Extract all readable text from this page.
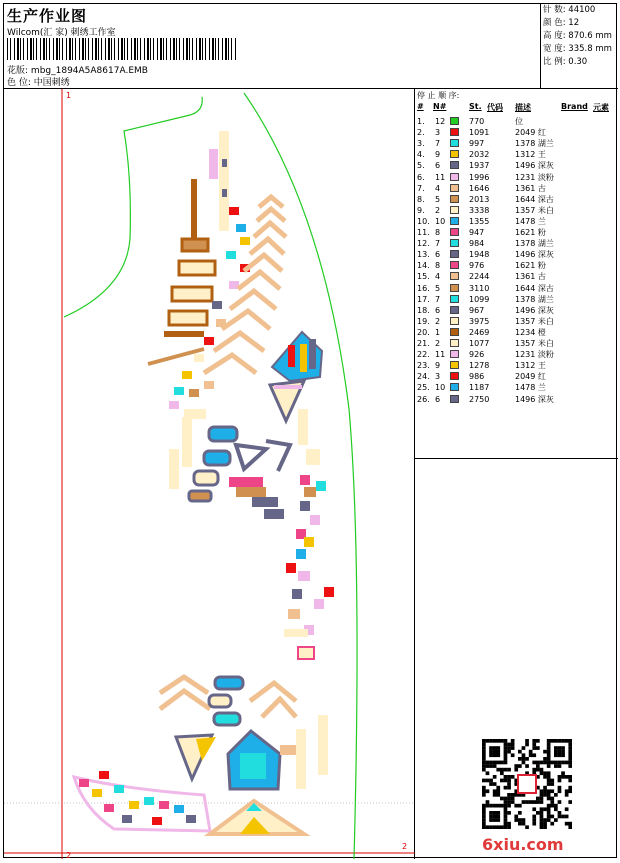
生产作业图
Wilcom(汇 家) 刺绣工作室
花版: mbg_1894A5A8617A.EMB
色 位: 中国刺绣
针 数: 44100
颜 色: 12
高 度: 870.6 mm
宽 度: 335.8 mm
比 例: 0.30
1
2
2
停 止 顺 序:
# N#	St. 代码 描述	Brand 元素
1. 12	770	位
2. 3	1091	2049 红
3. 7	997	1378 湖兰
4. 9	2032	1312 王
5. 6	1937	1496 深灰
6. 11	1996	1231 淡粉
7. 4	1646	1361 古
8. 5	2013	1644 深古
9. 2	3338	1357 米白
10. 10	1355	1478 兰
11. 8	947	1621 粉
12. 7	984	1378 湖兰
13. 6	1948	1496 深灰
14. 8	976	1621 粉
15. 4	2244	1361 古
16. 5	3110	1644 深古
17. 7	1099	1378 湖兰
18. 6	967	1496 深灰
19. 2	3975	1357 米白
20. 1	2469	1234 橙
21. 2	1077	1357 米白
22. 11	926	1231 淡粉
23. 9	1278	1312 王
24. 3	986	2049 红
25. 10	1187	1478 兰
26. 6	2750	1496 深灰
6xiu.com
